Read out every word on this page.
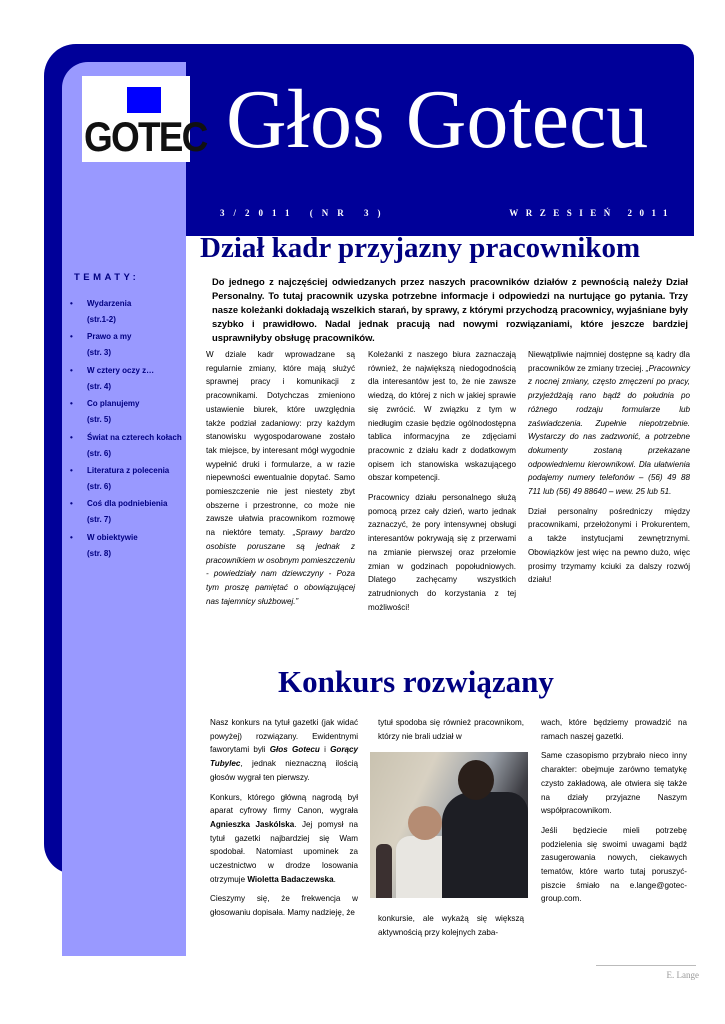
GOTEC Głos Gotecu
3/2011 (NR 3)	WRZESIEŃ 2011
TEMATY:
• Wydarzenia
(str.1-2)
• Prawo a my
(str. 3)
• W cztery oczy z…
(str. 4)
• Co planujemy
(str. 5)
• Świat na czterech kołach
(str. 6)
• Literatura z polecenia
(str. 6)
• Coś dla podniebienia
(str. 7)
• W obiektywie
(str. 8)
Dział kadr przyjazny pracownikom

Do jednego z najczęściej odwiedzanych przez naszych pracowników działów z pewnością należy Dział Personalny. To tutaj pracownik uzyska potrzebne informacje i odpowiedzi na nurtujące go pytania. Trzy nasze koleżanki dokładają wszelkich starań, by sprawy, z którymi przychodzą pracownicy, wyjaśniane były szybko i prawidłowo. Nadal jednak pracują nad nowymi rozwiązaniami, które jeszcze bardziej usprawniłyby obsługę pracowników.

W dziale kadr wprowadzane są regularnie zmiany, które mają służyć sprawnej pracy i komunikacji z pracownikami. Dotychczas zmieniono ustawienie biurek, które uwzględnia także podział zadaniowy: przy każdym stanowisku wygospodarowane zostało tak miejsce, by interesant mógł wygodnie wypełnić druki i formularze, a w razie niepewności ewentualnie dopytać. Samo pomieszczenie nie jest niestety zbyt obszerne i przestronne, co może nie zawsze ułatwia pracownikom rozmowę na niektóre tematy. „Sprawy bardzo osobiste poruszane są jednak z pracownikiem w osobnym pomieszczeniu - powiedziały nam dziewczyny - Poza tym proszę pamiętać o obowiązującej nas tajemnicy służbowej.”

Koleżanki z naszego biura zaznaczają również, że największą niedogodnością dla interesantów jest to, że nie zawsze wiedzą, do której z nich w jakiej sprawie się zwrócić. W związku z tym w niedługim czasie będzie ogólnodostępna tablica informacyjna ze zdjęciami pracownic z działu kadr z dodatkowym opisem ich stanowiska wskazującego obszar kompetencji.

Pracownicy działu personalnego służą pomocą przez cały dzień, warto jednak zaznaczyć, że pory intensywnej obsługi interesantów pokrywają się z przerwami na zmianie pierwszej oraz przełomie zmian w godzinach popołudniowych. Dlatego zachęcamy wszystkich zatrudnionych do korzystania z tej możliwości!

Niewątpliwie najmniej dostępne są kadry dla pracowników ze zmiany trzeciej. „Pracownicy z nocnej zmiany, często zmęczeni po pracy, przyjeżdżają rano bądź do południa po różnego rodzaju formularze lub zaświadczenia. Zupełnie niepotrzebnie. Wystarczy do nas zadzwonić, a potrzebne dokumenty zostaną przekazane odpowiedniemu kierownikowi. Dla ułatwienia podajemy numery telefonów – (56) 49 88 711 lub (56) 49 88640 – wew. 25 lub 51.

Dział personalny pośredniczy między pracownikami, przełożonymi i Prokurentem, a także instytucjami zewnętrznymi. Obowiązków jest więc na pewno dużo, więc prosimy trzymamy kciuki za dalszy rozwój działu!

Konkurs rozwiązany

Nasz konkurs na tytuł gazetki (jak widać powyżej) rozwiązany. Ewidentnymi faworytami byli Głos Gotecu i Gorący Tubylec, jednak nieznaczną ilością głosów wygrał ten pierwszy.

Konkurs, którego główną nagrodą był aparat cyfrowy firmy Canon, wygrała Agnieszka Jaskólska. Jej pomysł na tytuł gazetki najbardziej się Wam spodobał. Natomiast upominek za uczestnictwo w drodze losowania otrzymuje Wioletta Badaczewska.

Cieszymy się, że frekwencja w głosowaniu dopisała. Mamy nadzieję, że

tytuł spodoba się również pracownikom, którzy nie brali udział w

konkursie, ale wykażą się większą aktywnością przy kolejnych zaba-

wach, które będziemy prowadzić na ramach naszej gazetki.

Same czasopismo przybrało nieco inny charakter: obejmuje zarówno tematykę czysto zakładową, ale otwiera się także na działy przyjazne Naszym współpracownikom.

Jeśli będziecie mieli potrzebę podzielenia się swoimi uwagami bądź zasugerowania nowych, ciekawych tematów, które warto tutaj poruszyć-piszcie śmiało na e.lange@gotec-group.com.

E. Lange
